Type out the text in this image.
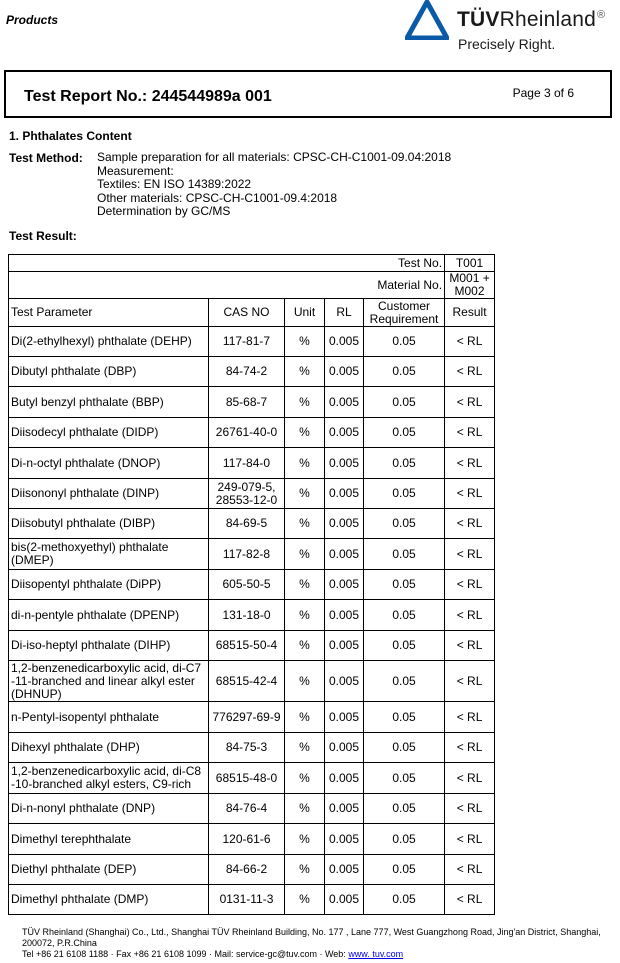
Products	TÜVRheinland®
Precisely Right.
Test Report No.: 244544989a 001	Page 3 of 6
1. Phthalates Content
Test Method: Sample preparation for all materials: CPSC-CH-C1001-09.04:2018
Measurement:
Textiles: EN ISO 14389:2022
Other materials: CPSC-CH-C1001-09.4:2018
Determination by GC/MS
Test Result:
Test No.					T001
Material No.					M001 + M002
Test Parameter	CAS NO	Unit	RL	Customer Requirement	Result
Di(2-ethylhexyl) phthalate (DEHP)	117-81-7	%	0.005	0.05	< RL
Dibutyl phthalate (DBP)	84-74-2	%	0.005	0.05	< RL
Butyl benzyl phthalate (BBP)	85-68-7	%	0.005	0.05	< RL
Diisodecyl phthalate (DIDP)	26761-40-0	%	0.005	0.05	< RL
Di-n-octyl phthalate (DNOP)	117-84-0	%	0.005	0.05	< RL
Diisononyl phthalate (DINP)	249-079-5, 28553-12-0	%	0.005	0.05	< RL
Diisobutyl phthalate (DIBP)	84-69-5	%	0.005	0.05	< RL
bis(2-methoxyethyl) phthalate (DMEP)	117-82-8	%	0.005	0.05	< RL
Diisopentyl phthalate (DiPP)	605-50-5	%	0.005	0.05	< RL
di-n-pentyle phthalate (DPENP)	131-18-0	%	0.005	0.05	< RL
Di-iso-heptyl phthalate (DIHP)	68515-50-4	%	0.005	0.05	< RL
1,2-benzenedicarboxylic acid, di-C7 -11-branched and linear alkyl ester (DHNUP)	68515-42-4	%	0.005	0.05	< RL
n-Pentyl-isopentyl phthalate	776297-69-9	%	0.005	0.05	< RL
Dihexyl phthalate (DHP)	84-75-3	%	0.005	0.05	< RL
1,2-benzenedicarboxylic acid, di-C8 -10-branched alkyl esters, C9-rich	68515-48-0	%	0.005	0.05	< RL
Di-n-nonyl phthalate (DNP)	84-76-4	%	0.005	0.05	< RL
Dimethyl terephthalate	120-61-6	%	0.005	0.05	< RL
Diethyl phthalate (DEP)	84-66-2	%	0.005	0.05	< RL
Dimethyl phthalate (DMP)	0131-11-3	%	0.005	0.05	< RL
TÜV Rheinland (Shanghai) Co., Ltd., Shanghai TÜV Rheinland Building, No. 177 , Lane 777, West Guangzhong Road, Jing'an District, Shanghai, 200072, P.R.China
Tel +86 21 6108 1188 · Fax +86 21 6108 1099 · Mail: service-gc@tuv.com · Web: www. tuv.com
